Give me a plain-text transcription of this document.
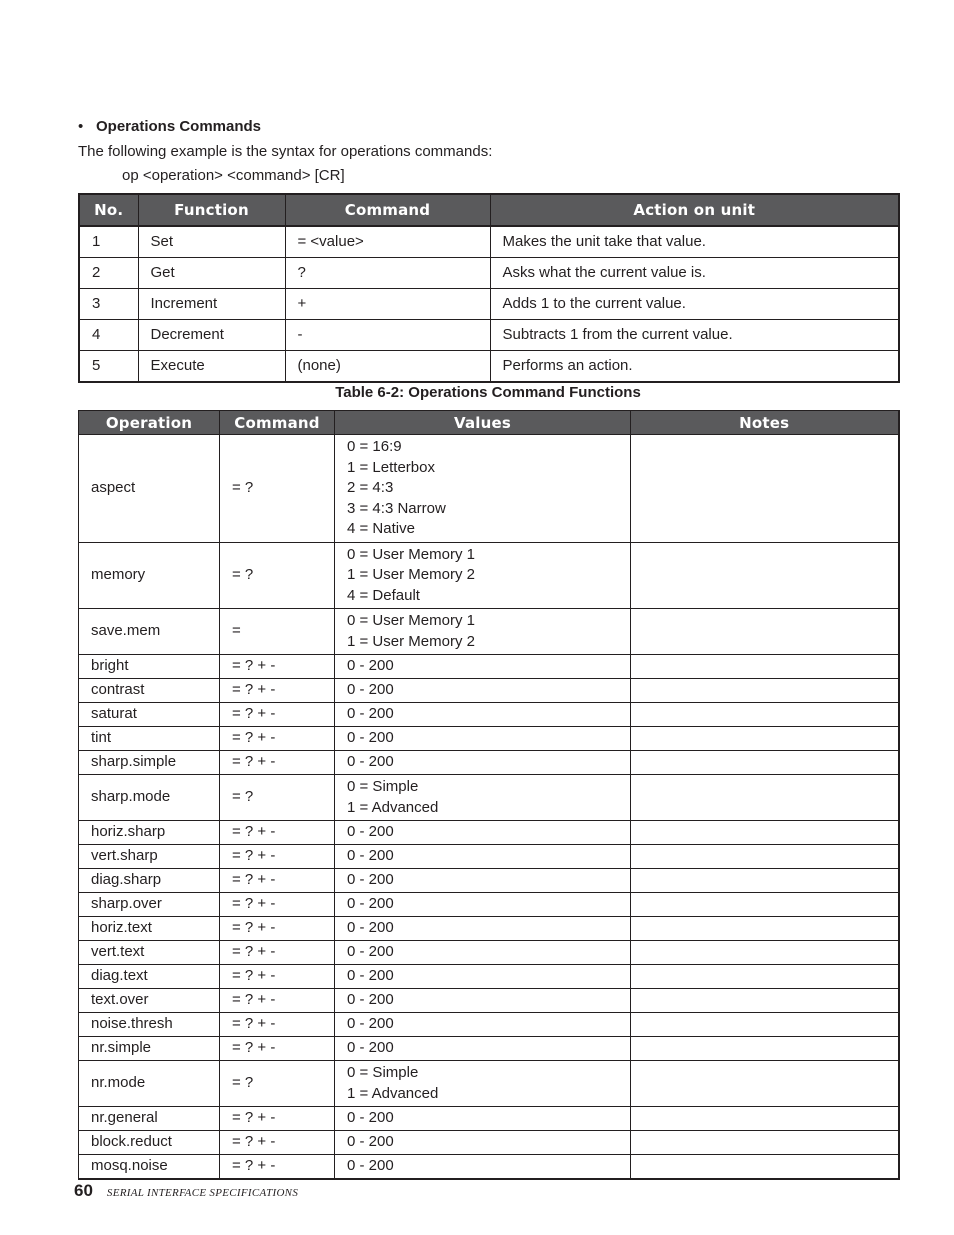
• Operations Commands
The following example is the syntax for operations commands:
op <operation> <command> [CR]
No.	Function	Command	Action on unit
1	Set	= <value>	Makes the unit take that value.
2	Get	?	Asks what the current value is.
3	Increment	+	Adds 1 to the current value.
4	Decrement	-	Subtracts 1 from the current value.
5	Execute	(none)	Performs an action.
Table 6-2: Operations Command Functions
Operation	Command	Values	Notes
aspect	= ?	0 = 16:9
1 = Letterbox
2 = 4:3
3 = 4:3 Narrow
4 = Native	

memory	= ?	0 = User Memory 1
1 = User Memory 2
4 = Default	

save.mem	=	0 = User Memory 1
1 = User Memory 2	

bright	= ? + -	0 - 200	

contrast	= ? + -	0 - 200	

saturat	= ? + -	0 - 200	

tint	= ? + -	0 - 200	

sharp.simple	= ? + -	0 - 200	

sharp.mode	= ?	0 = Simple
1 = Advanced	

horiz.sharp	= ? + -	0 - 200	

vert.sharp	= ? + -	0 - 200	

diag.sharp	= ? + -	0 - 200	

sharp.over	= ? + -	0 - 200	

horiz.text	= ? + -	0 - 200	

vert.text	= ? + -	0 - 200	

diag.text	= ? + -	0 - 200	

text.over	= ? + -	0 - 200	

noise.thresh	= ? + -	0 - 200	

nr.simple	= ? + -	0 - 200	

nr.mode	= ?	0 = Simple
1 = Advanced	

nr.general	= ? + -	0 - 200	

block.reduct	= ? + -	0 - 200	

mosq.noise	= ? + -	0 - 200	

60 SERIAL INTERFACE SPECIFICATIONS
